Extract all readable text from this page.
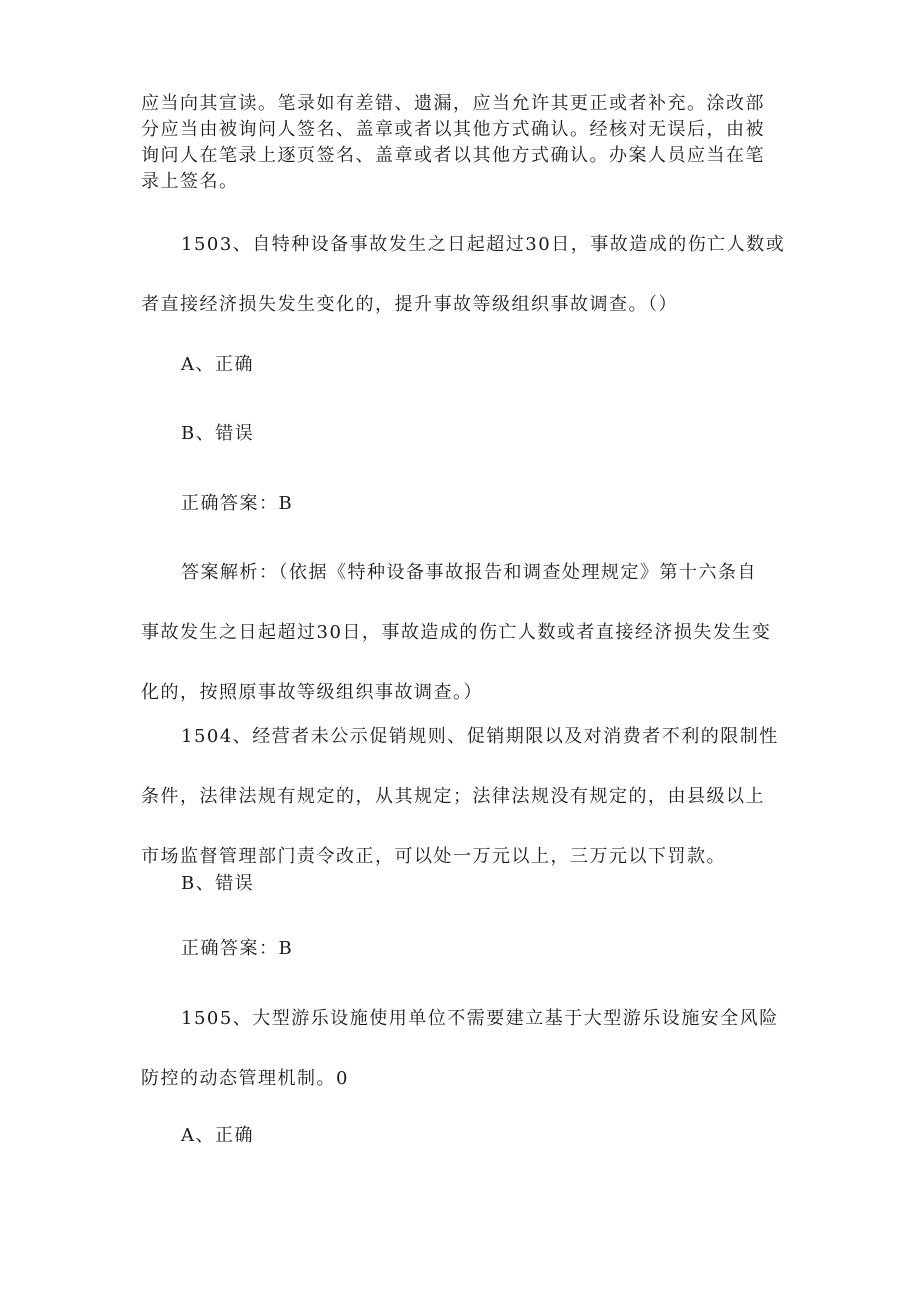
应当向其宣读。笔录如有差错、遗漏，应当允许其更正或者补充。涂改部
分应当由被询问人签名、盖章或者以其他方式确认。经核对无误后，由被
询问人在笔录上逐页签名、盖章或者以其他方式确认。办案人员应当在笔
录上签名。
1503、自特种设备事故发生之日起超过30日，事故造成的伤亡人数或
者直接经济损失发生变化的，提升事故等级组织事故调查。（）
A、正确
B、错误
正确答案：B
答案解析：（依据《特种设备事故报告和调查处理规定》第十六条自
事故发生之日起超过30日，事故造成的伤亡人数或者直接经济损失发生变
化的，按照原事故等级组织事故调查。）
1504、经营者未公示促销规则、促销期限以及对消费者不利的限制性
条件，法律法规有规定的，从其规定；法律法规没有规定的，由县级以上
市场监督管理部门责令改正，可以处一万元以上，三万元以下罚款。
B、错误
正确答案：B
1505、大型游乐设施使用单位不需要建立基于大型游乐设施安全风险
防控的动态管理机制。0
A、正确
